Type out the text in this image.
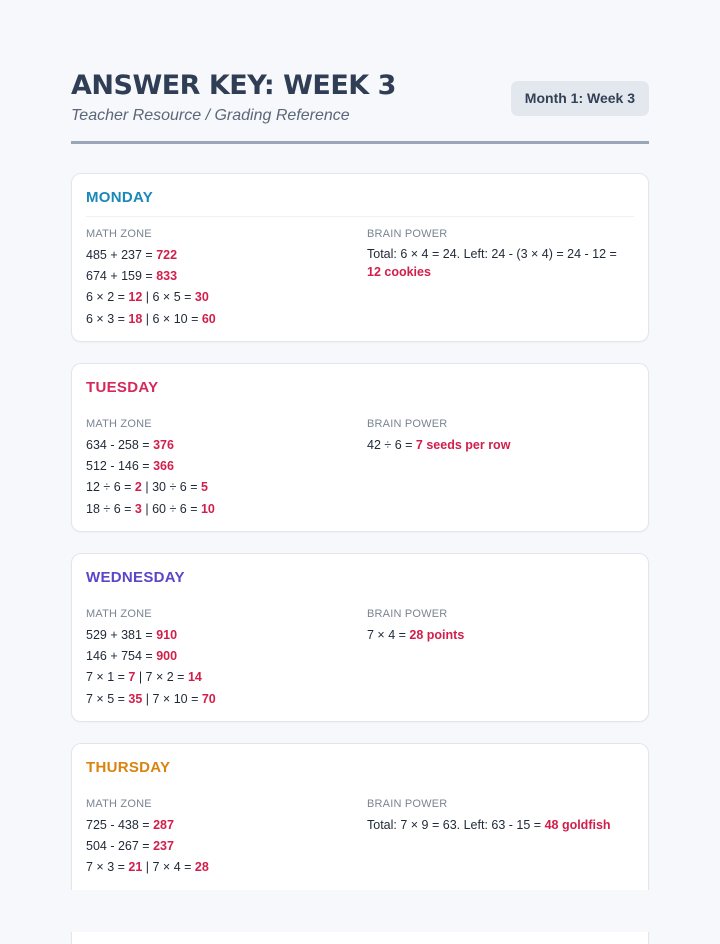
ANSWER KEY: WEEK 3
Teacher Resource / Grading Reference
Month 1: Week 3
MONDAY
MATH ZONE
485 + 237 = 722
674 + 159 = 833
6 × 2 = 12 | 6 × 5 = 30
6 × 3 = 18 | 6 × 10 = 60
BRAIN POWER
Total: 6 × 4 = 24. Left: 24 - (3 × 4) = 24 - 12 = 12 cookies
TUESDAY
MATH ZONE
634 - 258 = 376
512 - 146 = 366
12 ÷ 6 = 2 | 30 ÷ 6 = 5
18 ÷ 6 = 3 | 60 ÷ 6 = 10
BRAIN POWER
42 ÷ 6 = 7 seeds per row
WEDNESDAY
MATH ZONE
529 + 381 = 910
146 + 754 = 900
7 × 1 = 7 | 7 × 2 = 14
7 × 5 = 35 | 7 × 10 = 70
BRAIN POWER
7 × 4 = 28 points
THURSDAY
MATH ZONE
725 - 438 = 287
504 - 267 = 237
7 × 3 = 21 | 7 × 4 = 28
BRAIN POWER
Total: 7 × 9 = 63. Left: 63 - 15 = 48 goldfish
